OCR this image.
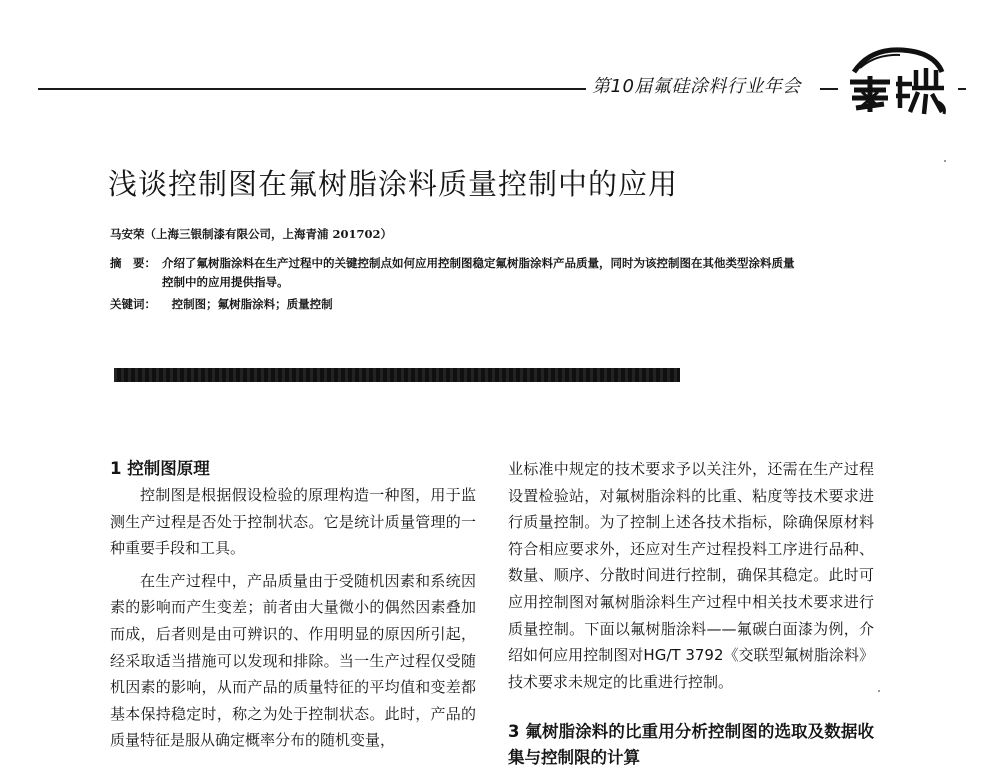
第10届氟硅涂料行业年会
浅谈控制图在氟树脂涂料质量控制中的应用
马安荣（上海三银制漆有限公司，上海青浦 201702）
摘　要： 介绍了氟树脂涂料在生产过程中的关键控制点如何应用控制图稳定氟树脂涂料产品质量，同时为该控制图在其他类型涂料质量控制中的应用提供指导。
关键词： 控制图；氟树脂涂料；质量控制
1 控制图原理

控制图是根据假设检验的原理构造一种图，用于监测生产过程是否处于控制状态。它是统计质量管理的一种重要手段和工具。

在生产过程中，产品质量由于受随机因素和系统因素的影响而产生变差；前者由大量微小的偶然因素叠加而成，后者则是由可辨识的、作用明显的原因所引起，经采取适当措施可以发现和排除。当一生产过程仅受随机因素的影响，从而产品的质量特征的平均值和变差都基本保持稳定时，称之为处于控制状态。此时，产品的质量特征是服从确定概率分布的随机变量，

业标准中规定的技术要求予以关注外，还需在生产过程设置检验站，对氟树脂涂料的比重、粘度等技术要求进行质量控制。为了控制上述各技术指标，除确保原材料符合相应要求外，还应对生产过程投料工序进行品种、数量、顺序、分散时间进行控制，确保其稳定。此时可应用控制图对氟树脂涂料生产过程中相关技术要求进行质量控制。下面以氟树脂涂料——氟碳白面漆为例，介绍如何应用控制图对HG/T 3792《交联型氟树脂涂料》技术要求未规定的比重进行控制。

3 氟树脂涂料的比重用分析控制图的选取及数据收集与控制限的计算
